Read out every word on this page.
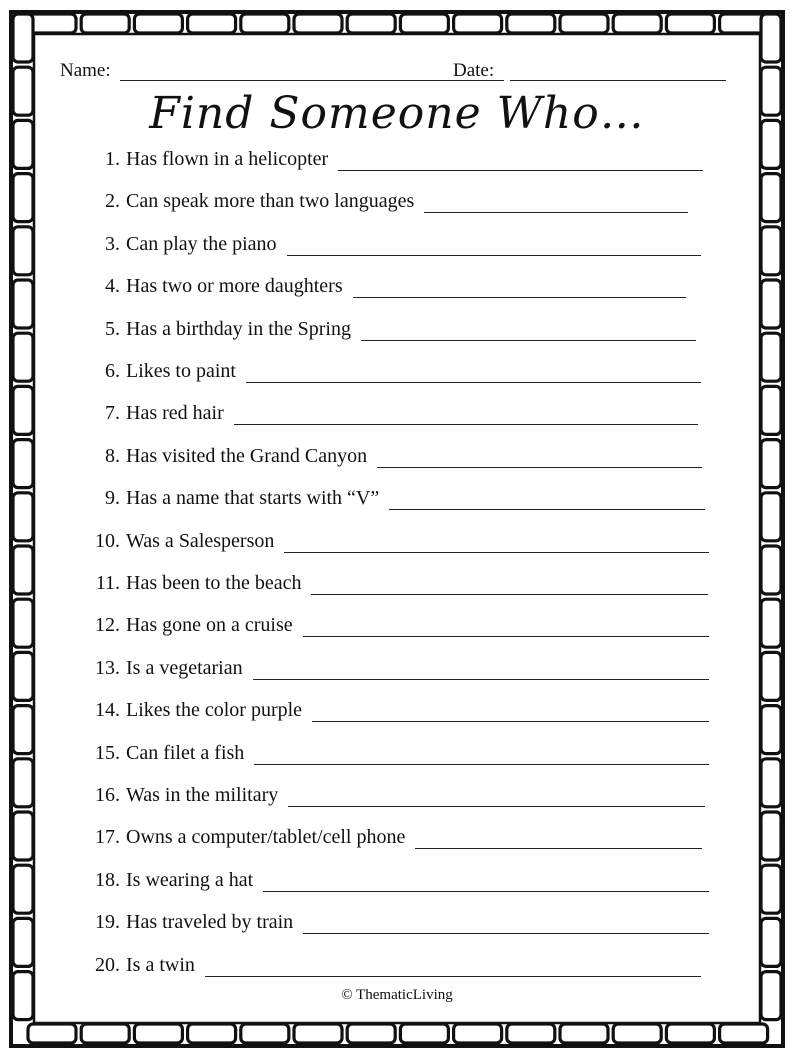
Name:	Date:
Find Someone Who…
1. Has flown in a helicopter
2. Can speak more than two languages
3. Can play the piano
4. Has two or more daughters
5. Has a birthday in the Spring
6. Likes to paint
7. Has red hair
8. Has visited the Grand Canyon
9. Has a name that starts with “V”
10. Was a Salesperson
11. Has been to the beach
12. Has gone on a cruise
13. Is a vegetarian
14. Likes the color purple
15. Can filet a fish
16. Was in the military
17. Owns a computer/tablet/cell phone
18. Is wearing a hat
19. Has traveled by train
20. Is a twin
© ThematicLiving
